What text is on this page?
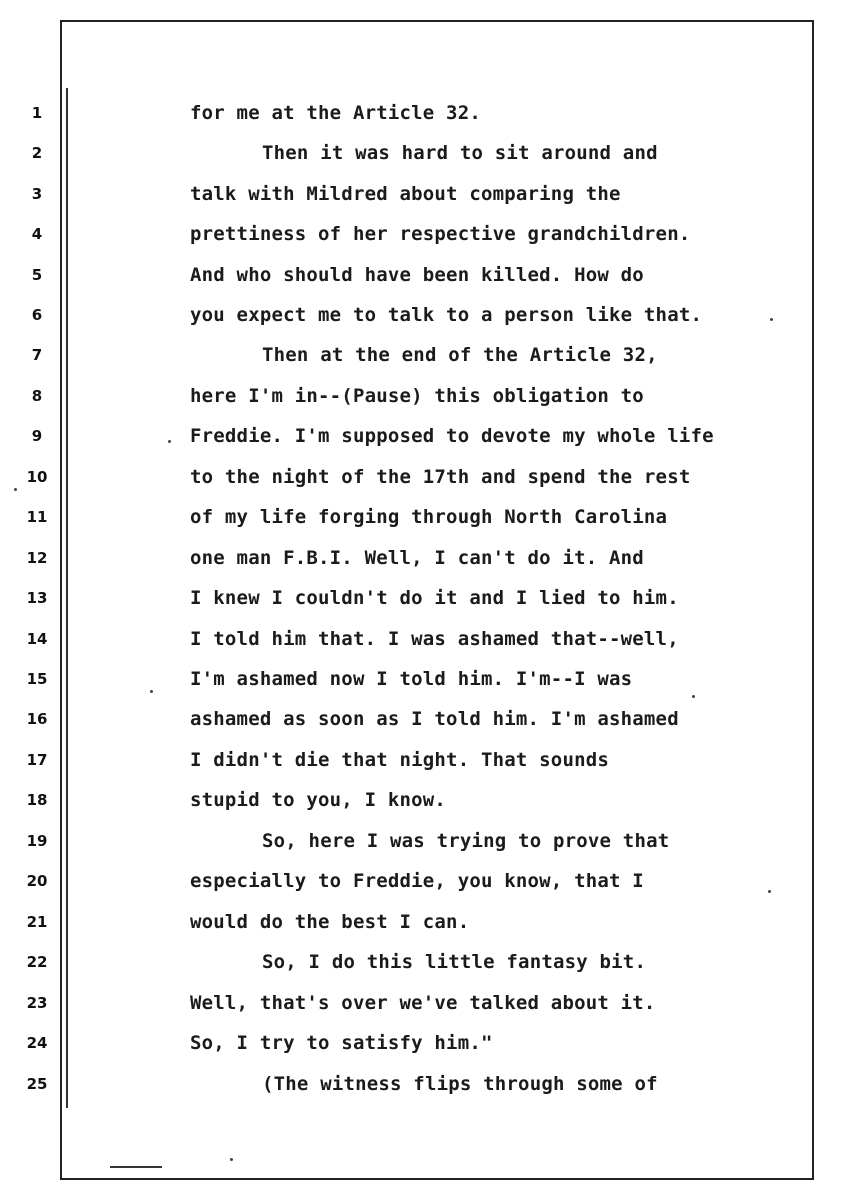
1
2
3
4
5
6
7
8
9
10
11
12
13
14
15
16
17
18
19
20
21
22
23
24
25
for me at the Article 32.
Then it was hard to sit around and
talk with Mildred about comparing the
prettiness of her respective grandchildren.
And who should have been killed. How do
you expect me to talk to a person like that.
Then at the end of the Article 32,
here I'm in--(Pause) this obligation to
Freddie. I'm supposed to devote my whole life
to the night of the 17th and spend the rest
of my life forging through North Carolina
one man F.B.I. Well, I can't do it. And
I knew I couldn't do it and I lied to him.
I told him that. I was ashamed that--well,
I'm ashamed now I told him. I'm--I was
ashamed as soon as I told him. I'm ashamed
I didn't die that night. That sounds
stupid to you, I know.
So, here I was trying to prove that
especially to Freddie, you know, that I
would do the best I can.
So, I do this little fantasy bit.
Well, that's over we've talked about it.
So, I try to satisfy him."
(The witness flips through some of
